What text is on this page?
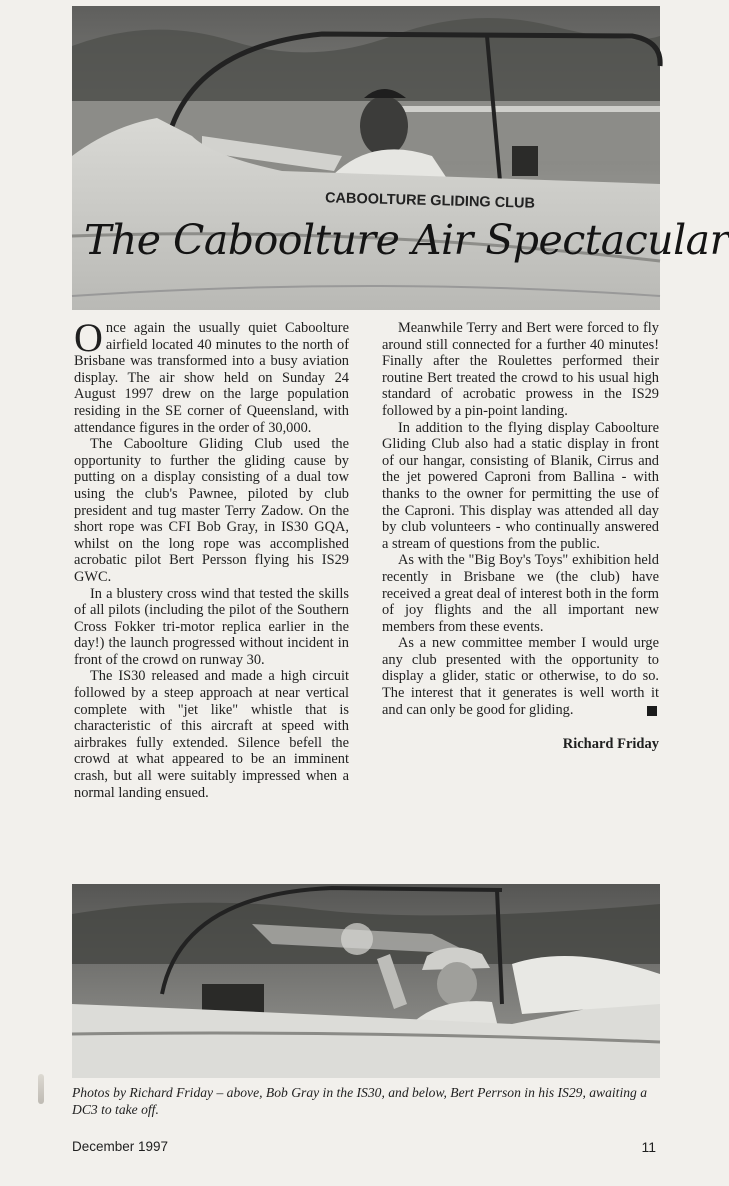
CABOOLTURE GLIDING CLUB
The Caboolture Air Spectacular

Once again the usually quiet Caboolture airfield located 40 minutes to the north of Brisbane was transformed into a busy aviation display. The air show held on Sunday 24 August 1997 drew on the large population residing in the SE corner of Queensland, with attendance figures in the order of 30,000.

The Caboolture Gliding Club used the opportunity to further the gliding cause by putting on a display consisting of a dual tow using the club's Pawnee, piloted by club president and tug master Terry Zadow. On the short rope was CFI Bob Gray, in IS30 GQA, whilst on the long rope was accomplished acrobatic pilot Bert Persson flying his IS29 GWC.

In a blustery cross wind that tested the skills of all pilots (including the pilot of the Southern Cross Fokker tri-motor replica earlier in the day!) the launch progressed without incident in front of the crowd on runway 30.

The IS30 released and made a high circuit followed by a steep approach at near vertical complete with "jet like" whistle that is characteristic of this aircraft at speed with airbrakes fully extended. Silence befell the crowd at what appeared to be an imminent crash, but all were suitably impressed when a normal landing ensued.

Meanwhile Terry and Bert were forced to fly around still connected for a further 40 minutes! Finally after the Roulettes performed their routine Bert treated the crowd to his usual high standard of acrobatic prowess in the IS29 followed by a pin-point landing.

In addition to the flying display Caboolture Gliding Club also had a static display in front of our hangar, consisting of Blanik, Cirrus and the jet powered Caproni from Ballina - with thanks to the owner for permitting the use of the Caproni. This display was attended all day by club volunteers - who continually answered a stream of questions from the public.

As with the "Big Boy's Toys" exhibition held recently in Brisbane we (the club) have received a great deal of interest both in the form of joy flights and the all important new members from these events.

As a new committee member I would urge any club presented with the opportunity to display a glider, static or otherwise, to do so. The interest that it generates is well worth it and can only be good for gliding.

Richard Friday
Photos by Richard Friday – above, Bob Gray in the IS30, and below, Bert Perrson in his IS29, awaiting a DC3 to take off.
December 1997	11
